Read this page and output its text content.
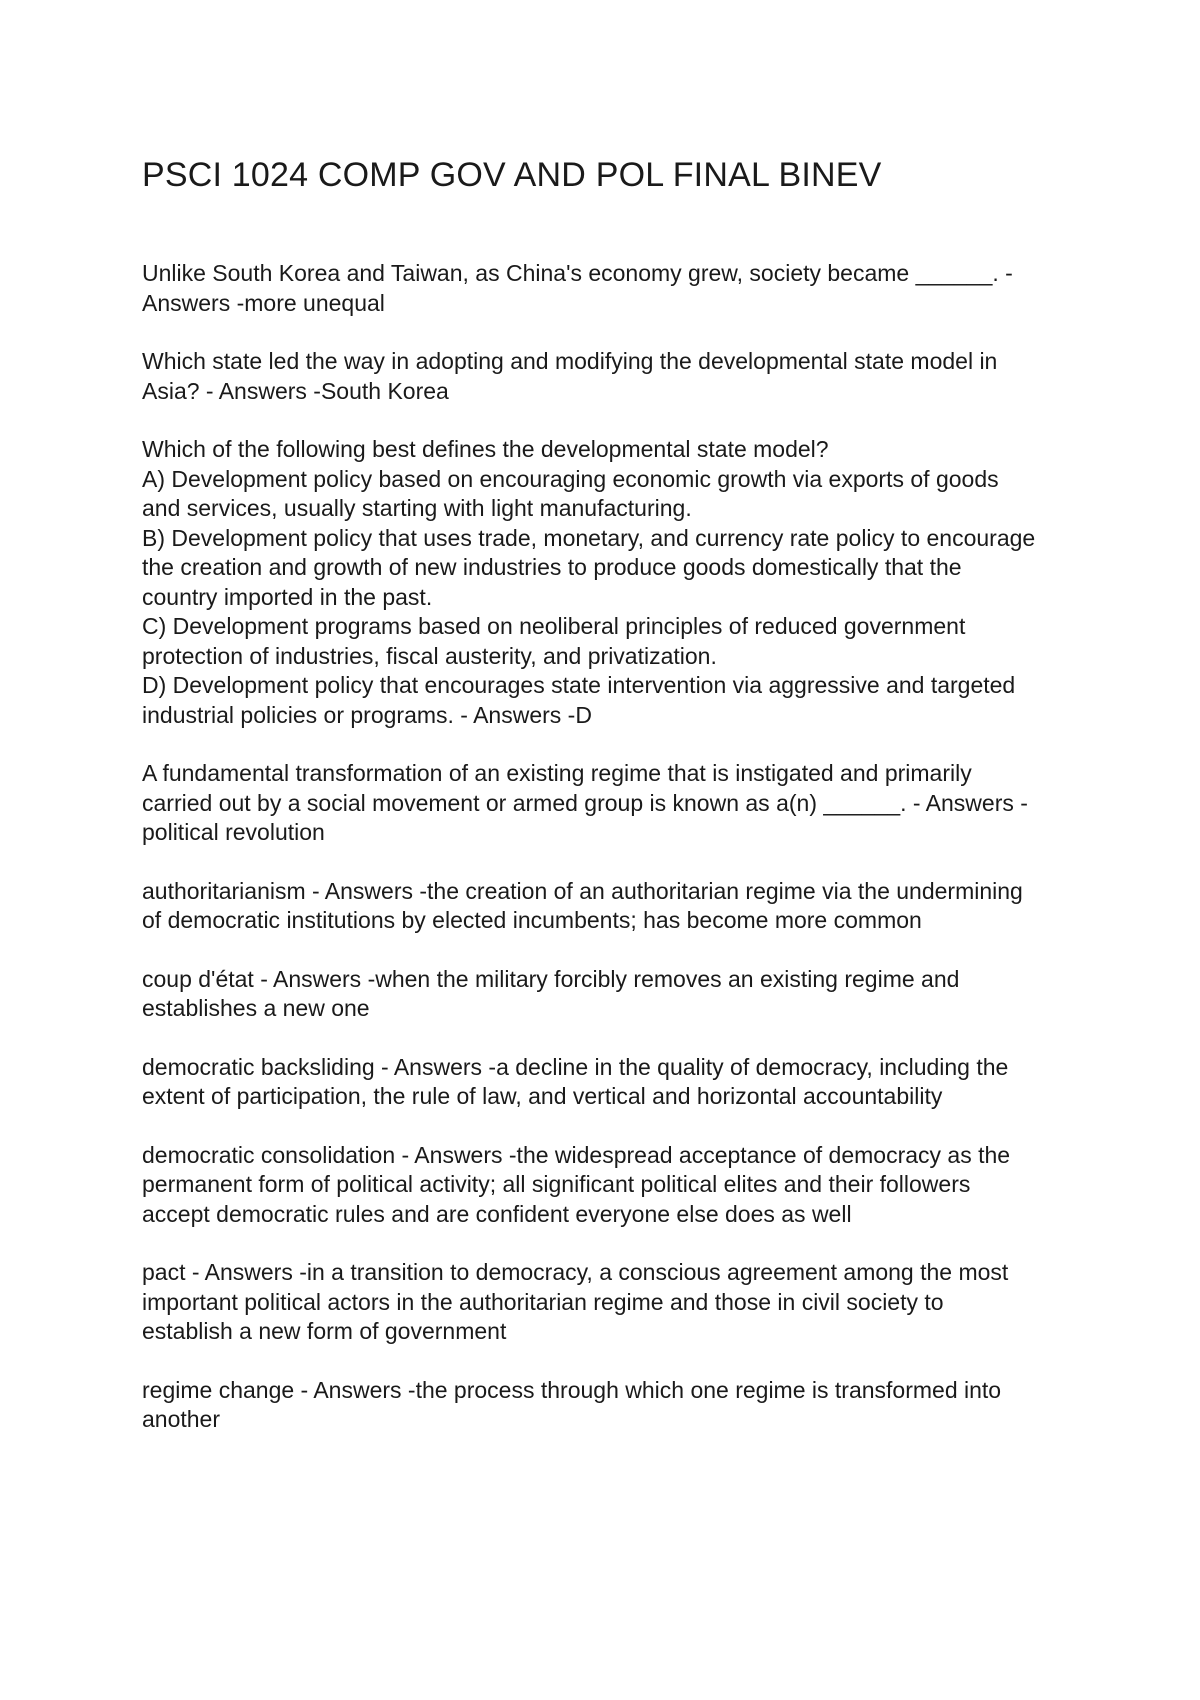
PSCI 1024 COMP GOV AND POL FINAL BINEV
Unlike South Korea and Taiwan, as China's economy grew, society became ______. -
Answers -more unequal
Which state led the way in adopting and modifying the developmental state model in
Asia? - Answers -South Korea
Which of the following best defines the developmental state model?
A) Development policy based on encouraging economic growth via exports of goods
and services, usually starting with light manufacturing.
B) Development policy that uses trade, monetary, and currency rate policy to encourage
the creation and growth of new industries to produce goods domestically that the
country imported in the past.
C) Development programs based on neoliberal principles of reduced government
protection of industries, fiscal austerity, and privatization.
D) Development policy that encourages state intervention via aggressive and targeted
industrial policies or programs. - Answers -D
A fundamental transformation of an existing regime that is instigated and primarily
carried out by a social movement or armed group is known as a(n) ______. - Answers -
political revolution
authoritarianism - Answers -the creation of an authoritarian regime via the undermining
of democratic institutions by elected incumbents; has become more common
coup d'état - Answers -when the military forcibly removes an existing regime and
establishes a new one
democratic backsliding - Answers -a decline in the quality of democracy, including the
extent of participation, the rule of law, and vertical and horizontal accountability
democratic consolidation - Answers -the widespread acceptance of democracy as the
permanent form of political activity; all significant political elites and their followers
accept democratic rules and are confident everyone else does as well
pact - Answers -in a transition to democracy, a conscious agreement among the most
important political actors in the authoritarian regime and those in civil society to
establish a new form of government
regime change - Answers -the process through which one regime is transformed into
another
